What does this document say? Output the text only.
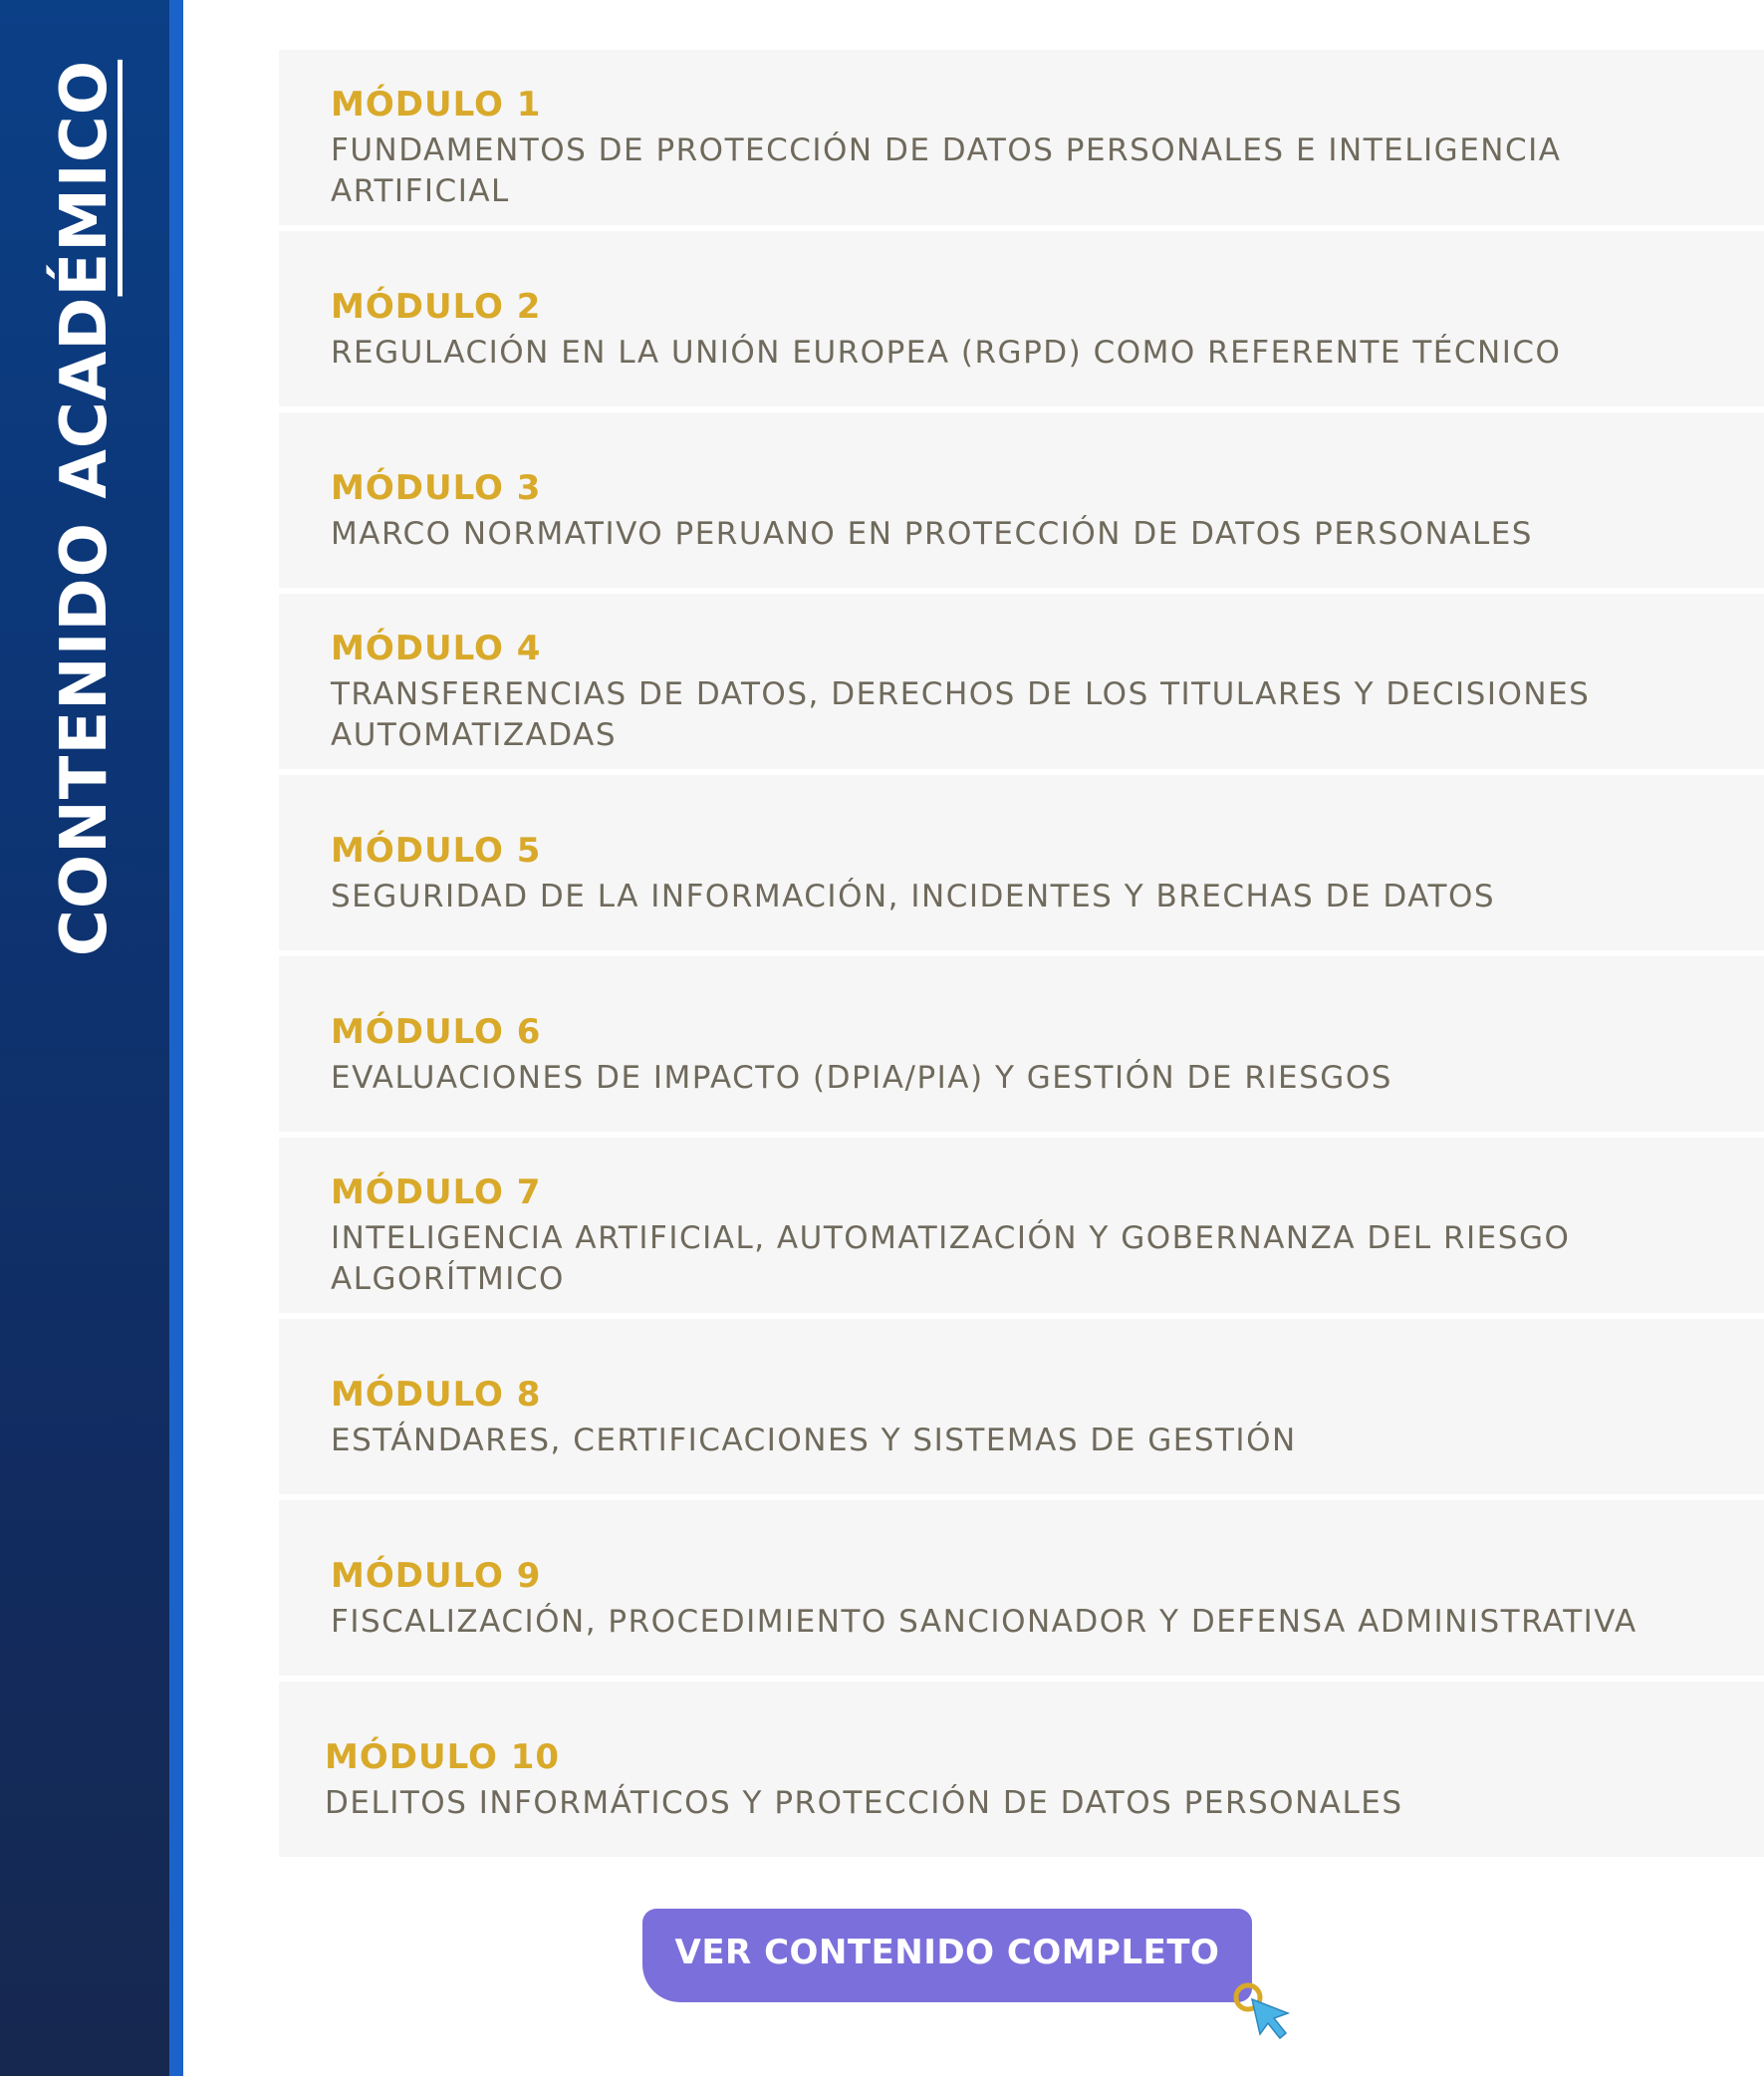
CONTENIDO ACADÉMICO	MÓDULO 1
FUNDAMENTOS DE PROTECCIÓN DE DATOS PERSONALES E INTELIGENCIA ARTIFICIAL
MÓDULO 2
REGULACIÓN EN LA UNIÓN EUROPEA (RGPD) COMO REFERENTE TÉCNICO
MÓDULO 3
MARCO NORMATIVO PERUANO EN PROTECCIÓN DE DATOS PERSONALES
MÓDULO 4
TRANSFERENCIAS DE DATOS, DERECHOS DE LOS TITULARES Y DECISIONES AUTOMATIZADAS
MÓDULO 5
SEGURIDAD DE LA INFORMACIÓN, INCIDENTES Y BRECHAS DE DATOS
MÓDULO 6
EVALUACIONES DE IMPACTO (DPIA/PIA) Y GESTIÓN DE RIESGOS
MÓDULO 7
INTELIGENCIA ARTIFICIAL, AUTOMATIZACIÓN Y GOBERNANZA DEL RIESGO ALGORÍTMICO
MÓDULO 8
ESTÁNDARES, CERTIFICACIONES Y SISTEMAS DE GESTIÓN
MÓDULO 9
FISCALIZACIÓN, PROCEDIMIENTO SANCIONADOR Y DEFENSA ADMINISTRATIVA
MÓDULO 10
DELITOS INFORMÁTICOS Y PROTECCIÓN DE DATOS PERSONALES
VER CONTENIDO COMPLETO
